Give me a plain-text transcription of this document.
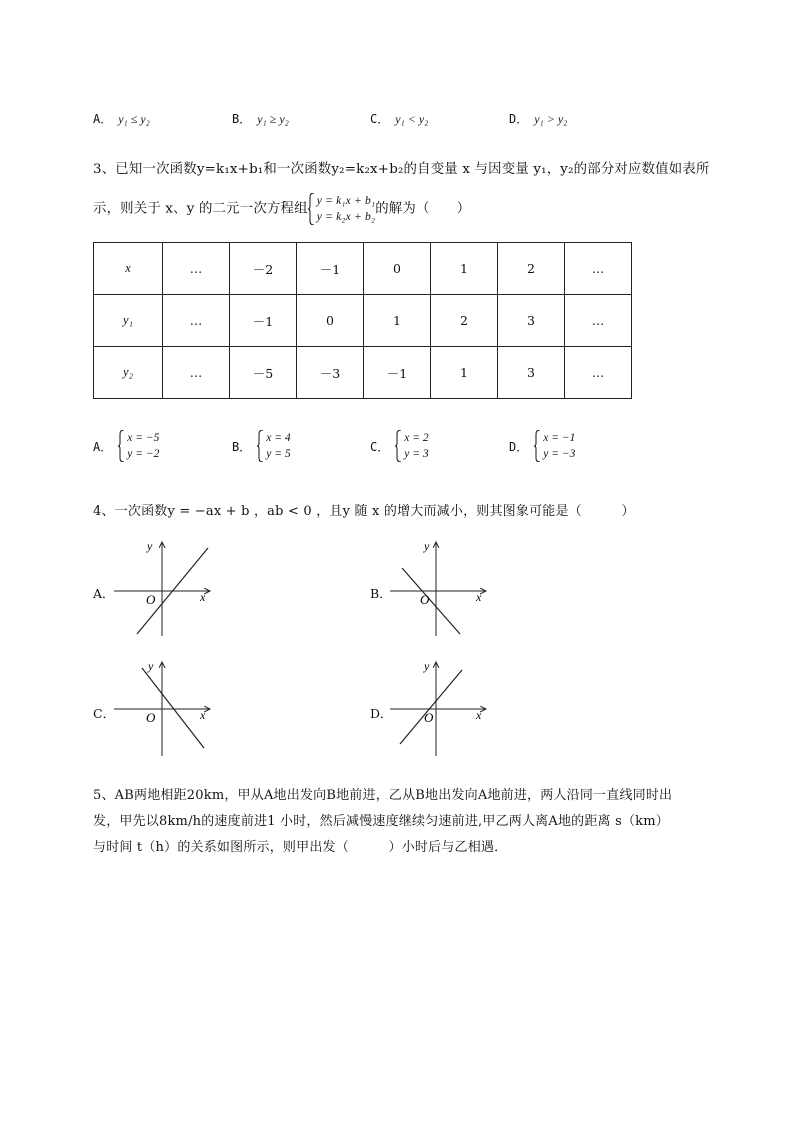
A． y₁ ≤ y₂	B． y₁ ≥ y₂	C． y₁ < y₂	D． y₁ > y₂
3、已知一次函数y=k₁x+b₁和一次函数y₂=k₂x+b₂的自变量 x 与因变量 y₁，y₂的部分对应数值如表所
示，则关于 x、y 的二元一次方程组
y = k₁x + b₁
y = k₂x + b₂
的解为（　　）
x	…	－2	－1	0	1	2	…
y₁	…	－1	0	1	2	3	…
y₂	…	－5	－3	－1	1	3	…
A．
x = −5
y = −2
B．
x = 4
y = 5
C．
x = 2
y = 3
D．
x = −1
y = −3
4、一次函数y = −ax + b ，ab < 0 ，且y 随 x 的增大而减小，则其图象可能是（　　　）
A． O	x
y
B． O	x
y
C． O	x
y
D． O	x
y
5、AB两地相距20km，甲从A地出发向B地前进，乙从B地出发向A地前进，两人沿同一直线同时出
发，甲先以8km/h的速度前进1 小时，然后减慢速度继续匀速前进,甲乙两人离A地的距离 s（km）
与时间 t（h）的关系如图所示，则甲出发（　　　）小时后与乙相遇．
